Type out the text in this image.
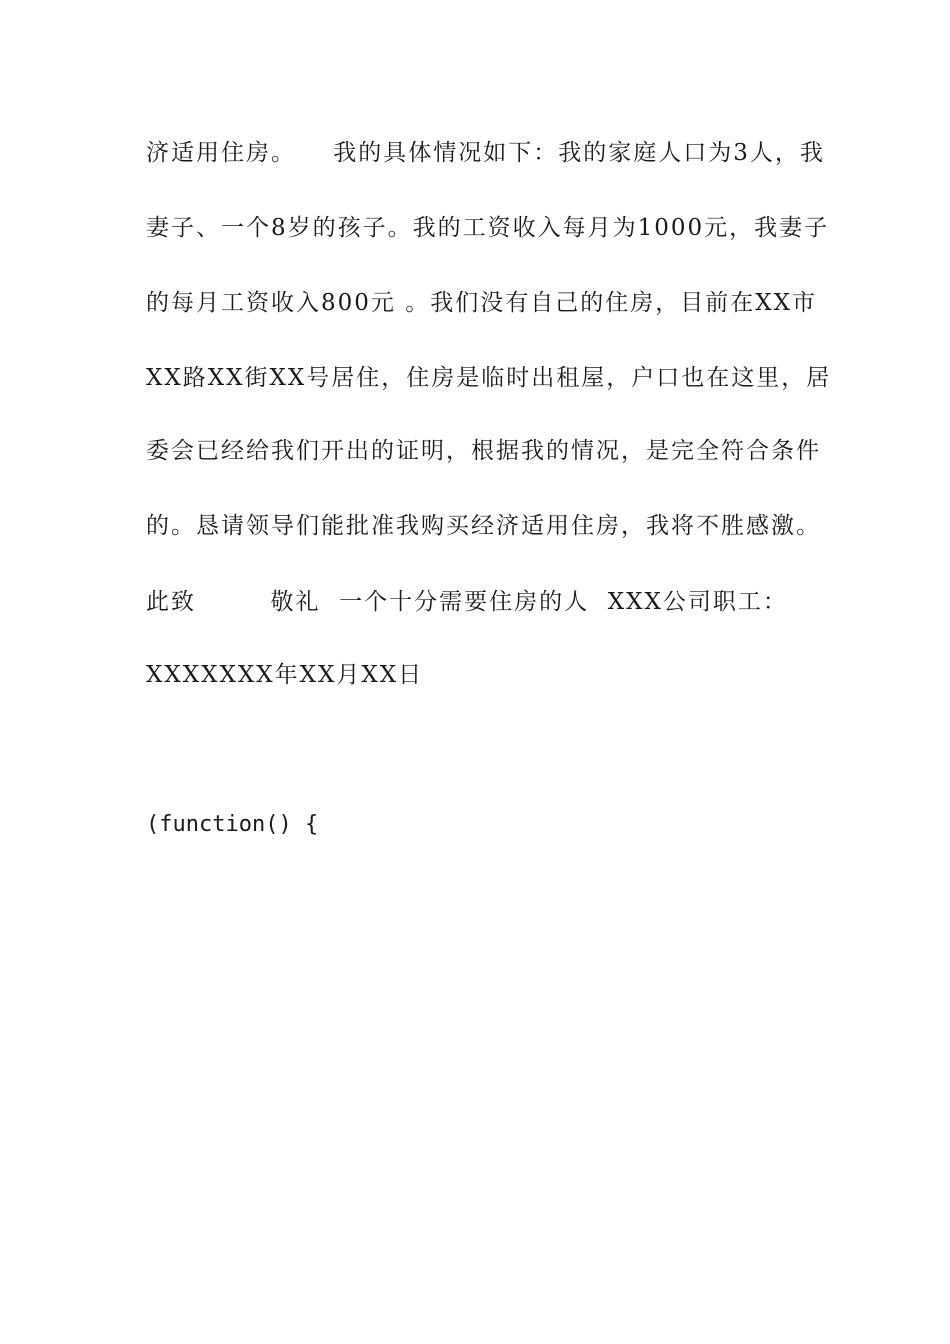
济适用住房。    我的具体情况如下：我的家庭人口为3人，我
妻子、一个8岁的孩子。我的工资收入每月为1000元，我妻子
的每月工资收入800元 。我们没有自己的住房，目前在XX市
XX路XX街XX号居住，住房是临时出租屋，户口也在这里，居
委会已经给我们开出的证明，根据我的情况，是完全符合条件
的。恳请领导们能批准我购买经济适用住房，我将不胜感激。
此致        敬礼  一个十分需要住房的人  XXX公司职工：
XXXXXXX年XX月XX日
(function() {
